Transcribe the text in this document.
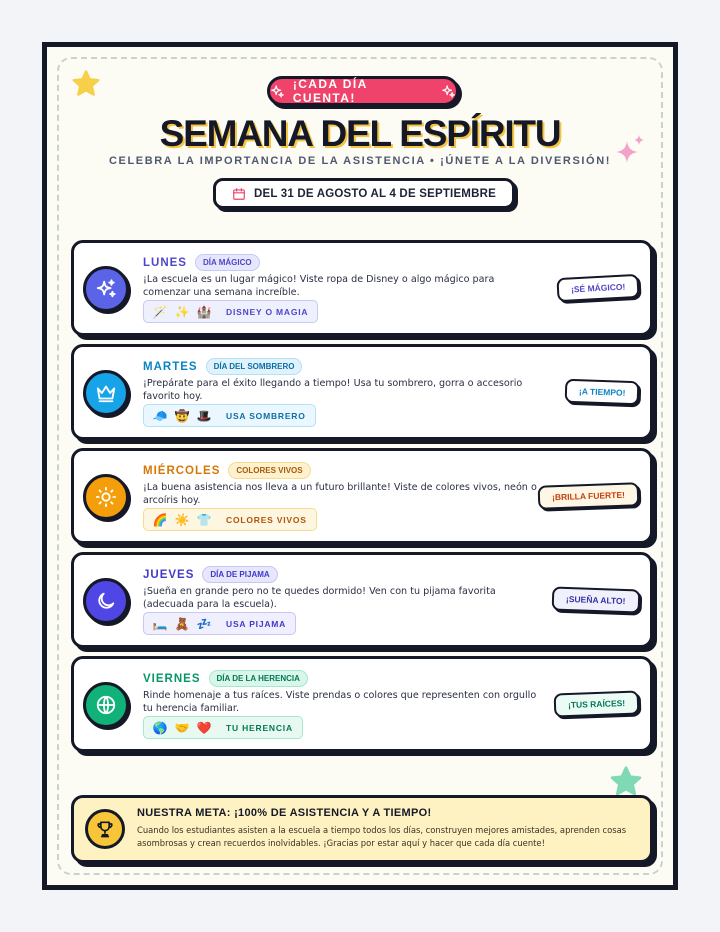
¡CADA DÍA CUENTA!
SEMANA DEL ESPÍRITU
CELEBRA LA IMPORTANCIA DE LA ASISTENCIA • ¡ÚNETE A LA DIVERSIÓN!
DEL 31 DE AGOSTO AL 4 DE SEPTIEMBRE
LUNES	DÍA MÁGICO
¡La escuela es un lugar mágico! Viste ropa de Disney o algo mágico para comenzar una semana increíble.
🪄 ✨ 🏰 DISNEY O MAGIA
¡SÉ MÁGICO!
MARTES	DÍA DEL SOMBRERO
¡Prepárate para el éxito llegando a tiempo! Usa tu sombrero, gorra o accesorio favorito hoy.
🧢 🤠 🎩 USA SOMBRERO
¡A TIEMPO!
MIÉRCOLES	COLORES VIVOS
¡La buena asistencia nos lleva a un futuro brillante! Viste de colores vivos, neón o arcoíris hoy.
🌈 ☀️ 👕 COLORES VIVOS
¡BRILLA FUERTE!
JUEVES	DÍA DE PIJAMA
¡Sueña en grande pero no te quedes dormido! Ven con tu pijama favorita (adecuada para la escuela).
🛏️ 🧸 💤 USA PIJAMA
¡SUEÑA ALTO!
VIERNES	DÍA DE LA HERENCIA
Rinde homenaje a tus raíces. Viste prendas o colores que representen con orgullo tu herencia familiar.
🌎 🤝 ❤️ TU HERENCIA
¡TUS RAÍCES!
NUESTRA META: ¡100% DE ASISTENCIA Y A TIEMPO!
Cuando los estudiantes asisten a la escuela a tiempo todos los días, construyen mejores amistades, aprenden cosas asombrosas y crean recuerdos inolvidables. ¡Gracias por estar aquí y hacer que cada día cuente!
